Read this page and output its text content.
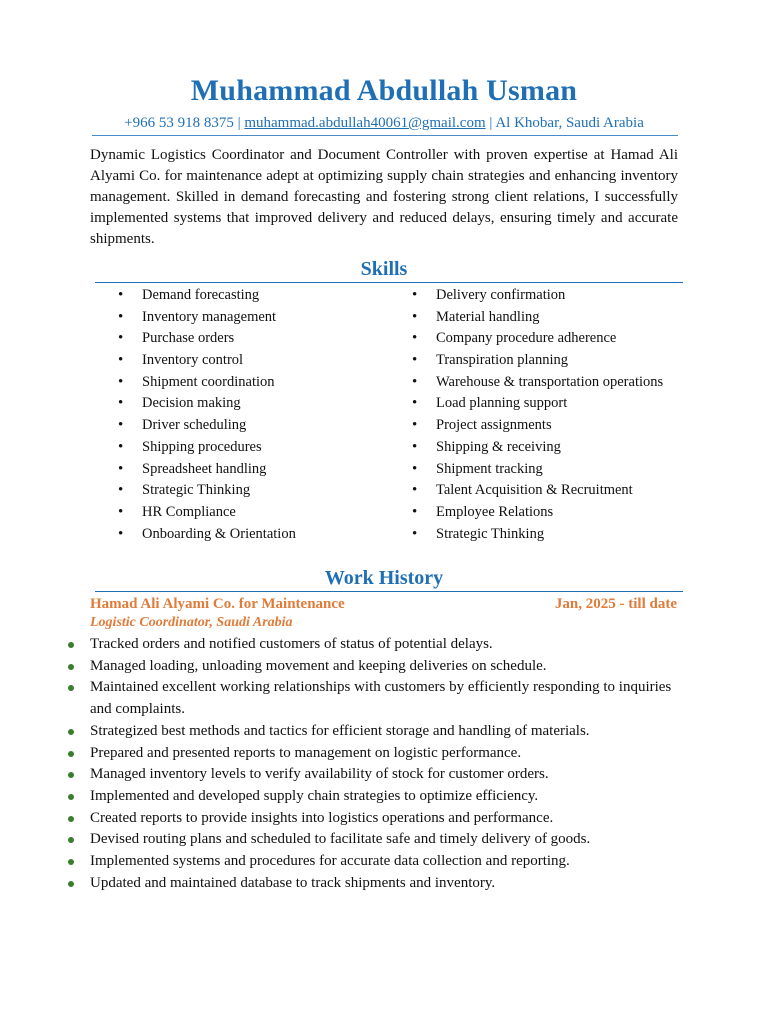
Muhammad Abdullah Usman
+966 53 918 8375 | muhammad.abdullah40061@gmail.com | Al Khobar, Saudi Arabia
Dynamic Logistics Coordinator and Document Controller with proven expertise at Hamad Ali Alyami Co. for maintenance adept at optimizing supply chain strategies and enhancing inventory management. Skilled in demand forecasting and fostering strong client relations, I successfully implemented systems that improved delivery and reduced delays, ensuring timely and accurate shipments.
Skills
• Demand forecasting
• Inventory management
• Purchase orders
• Inventory control
• Shipment coordination
• Decision making
• Driver scheduling
• Shipping procedures
• Spreadsheet handling
• Strategic Thinking
• HR Compliance
• Onboarding & Orientation
• Delivery confirmation
• Material handling
• Company procedure adherence
• Transpiration planning
• Warehouse & transportation operations
• Load planning support
• Project assignments
• Shipping & receiving
• Shipment tracking
• Talent Acquisition & Recruitment
• Employee Relations
• Strategic Thinking
Work History
Hamad Ali Alyami Co. for Maintenance	Jan, 2025 - till date
Logistic Coordinator, Saudi Arabia
Tracked orders and notified customers of status of potential delays.
Managed loading, unloading movement and keeping deliveries on schedule.
Maintained excellent working relationships with customers by efficiently responding to inquiries and complaints.
Strategized best methods and tactics for efficient storage and handling of materials.
Prepared and presented reports to management on logistic performance.
Managed inventory levels to verify availability of stock for customer orders.
Implemented and developed supply chain strategies to optimize efficiency.
Created reports to provide insights into logistics operations and performance.
Devised routing plans and scheduled to facilitate safe and timely delivery of goods.
Implemented systems and procedures for accurate data collection and reporting.
Updated and maintained database to track shipments and inventory.
